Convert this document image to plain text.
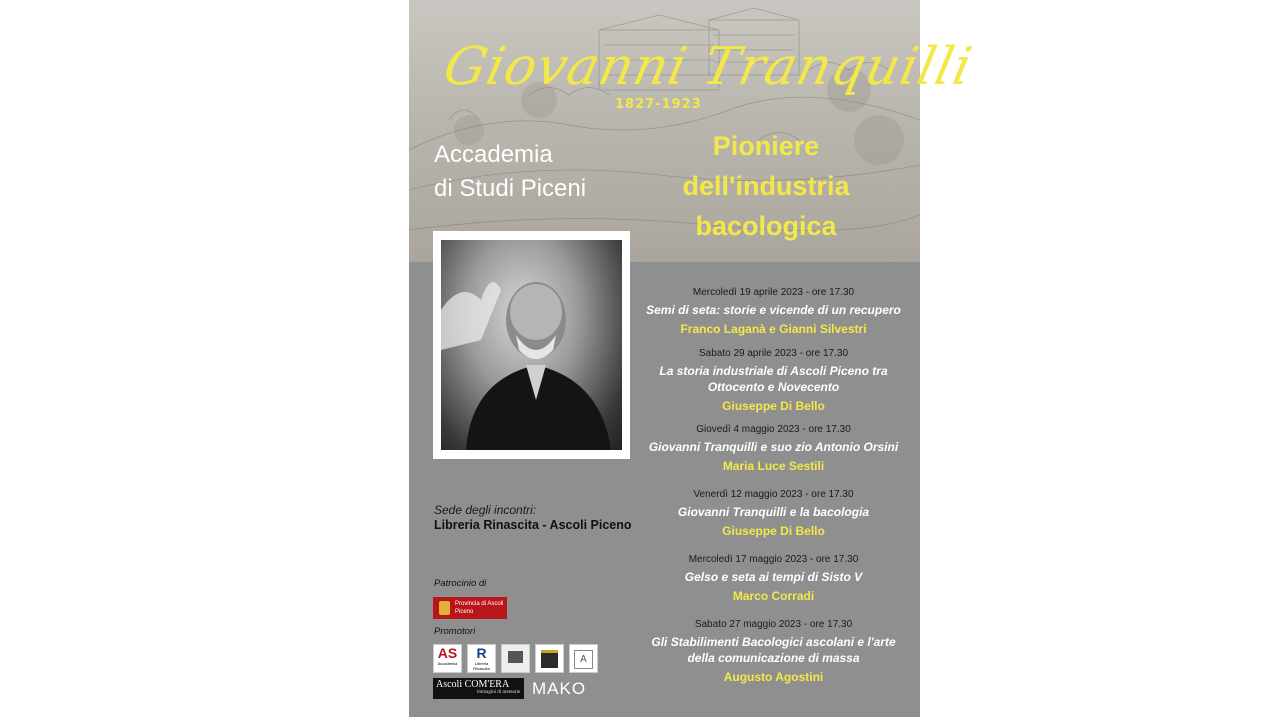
Giovanni Tranquilli
1827-1923
Accademia
di Studi Piceni
Pioniere
dell'industria
bacologica
Sede degli incontri:
Libreria Rinascita - Ascoli Piceno
Mercoledì 19 aprile 2023 - ore 17.30
Semi di seta: storie e vicende di un recupero
Franco Laganà e Gianni Silvestri
Sabato 29 aprile 2023 - ore 17.30
La storia industriale di Ascoli Piceno tra Ottocento e Novecento
Giuseppe Di Bello
Giovedì 4 maggio 2023 - ore 17.30
Giovanni Tranquilli e suo zio Antonio Orsini
Maria Luce Sestili
Venerdì 12 maggio 2023 - ore 17.30
Giovanni Tranquilli e la bacologia
Giuseppe Di Bello
Mercoledì 17 maggio 2023 - ore 17.30
Gelso e seta ai tempi di Sisto V
Marco Corradi
Sabato 27 maggio 2023 - ore 17.30
Gli Stabilimenti Bacologici ascolani e l'arte della comunicazione di massa
Augusto Agostini
Patrocinio di
Provincia di Ascoli Piceno
Promotori
AS
Accademia
R
Libreria Rinascita
A
Ascoli COM'ERA
immagini di memorie MAKO
